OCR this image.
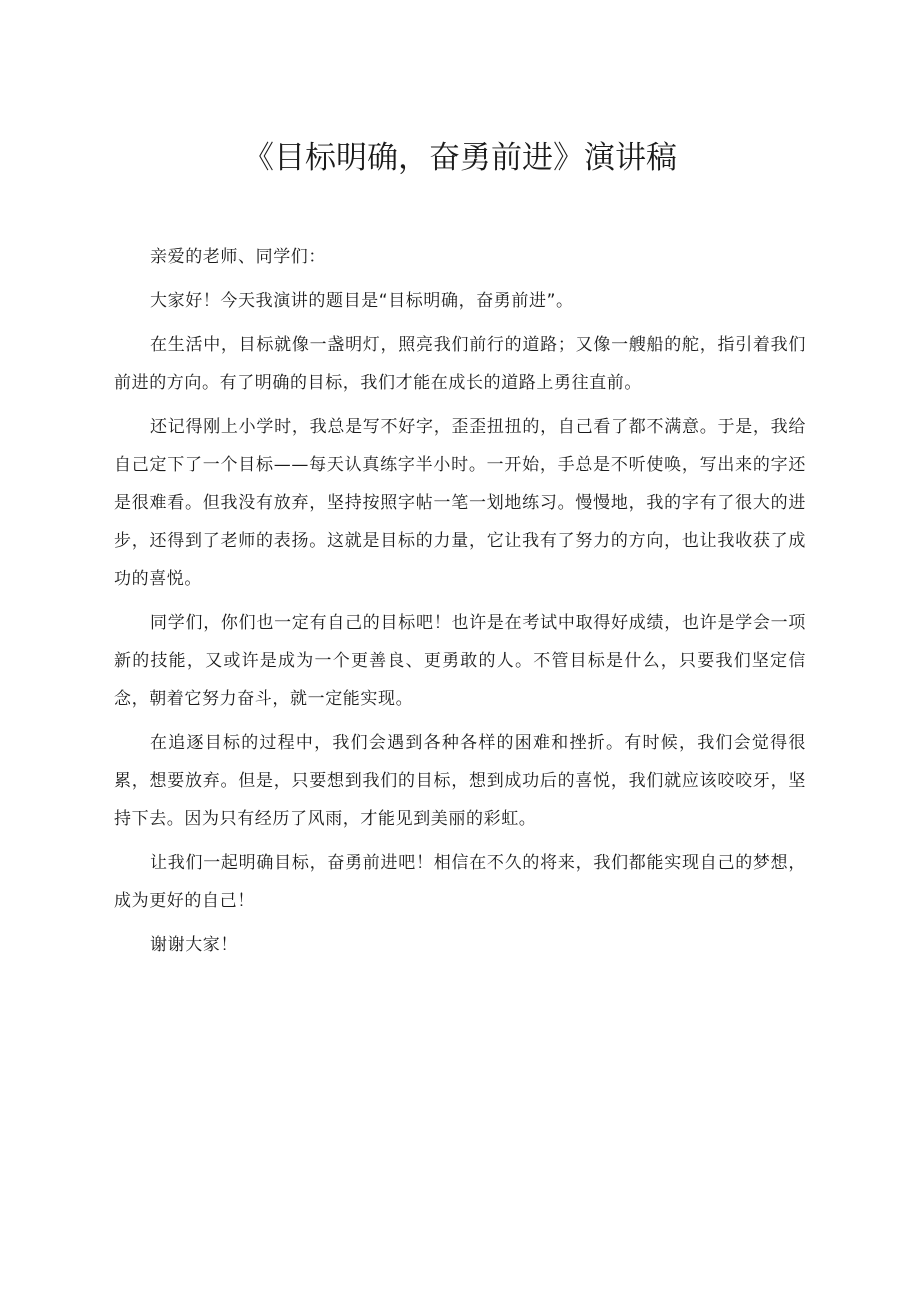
《目标明确，奋勇前进》演讲稿

亲爱的老师、同学们：

大家好！今天我演讲的题目是“目标明确，奋勇前进”。

在生活中，目标就像一盏明灯，照亮我们前行的道路；又像一艘船的舵，指引着我们前进的方向。有了明确的目标，我们才能在成长的道路上勇往直前。

还记得刚上小学时，我总是写不好字，歪歪扭扭的，自己看了都不满意。于是，我给自己定下了一个目标——每天认真练字半小时。一开始，手总是不听使唤，写出来的字还是很难看。但我没有放弃，坚持按照字帖一笔一划地练习。慢慢地，我的字有了很大的进步，还得到了老师的表扬。这就是目标的力量，它让我有了努力的方向，也让我收获了成功的喜悦。

同学们，你们也一定有自己的目标吧！也许是在考试中取得好成绩，也许是学会一项新的技能，又或许是成为一个更善良、更勇敢的人。不管目标是什么，只要我们坚定信念，朝着它努力奋斗，就一定能实现。

在追逐目标的过程中，我们会遇到各种各样的困难和挫折。有时候，我们会觉得很累，想要放弃。但是，只要想到我们的目标，想到成功后的喜悦，我们就应该咬咬牙，坚持下去。因为只有经历了风雨，才能见到美丽的彩虹。

让我们一起明确目标，奋勇前进吧！相信在不久的将来，我们都能实现自己的梦想，成为更好的自己！

谢谢大家！
